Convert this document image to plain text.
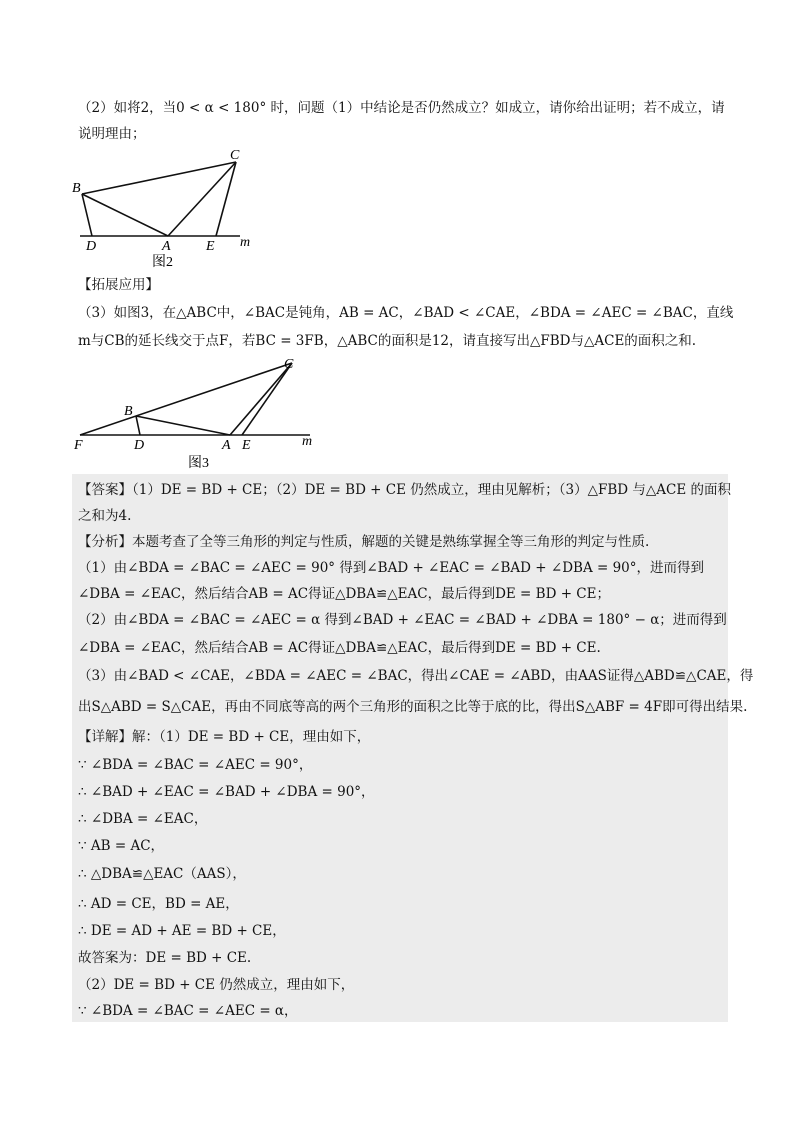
（2）如将2，当0 < α < 180° 时，问题（1）中结论是否仍然成立？如成立，请你给出证明；若不成立，请
说明理由；
C
B
D	A	E m
图2
【拓展应用】
（3）如图3，在△ABC中，∠BAC是钝角，AB = AC，∠BAD < ∠CAE，∠BDA = ∠AEC = ∠BAC，直线
m与CB的延长线交于点F，若BC = 3FB，△ABC的面积是12，请直接写出△FBD与△ACE的面积之和.
C
B
F	D	A E	m
图3
【答案】（1）DE = BD + CE；（2）DE = BD + CE 仍然成立，理由见解析；（3）△FBD 与△ACE 的面积
之和为4.
【分析】本题考查了全等三角形的判定与性质，解题的关键是熟练掌握全等三角形的判定与性质.
（1）由∠BDA = ∠BAC = ∠AEC = 90° 得到∠BAD + ∠EAC = ∠BAD + ∠DBA = 90°，进而得到
∠DBA = ∠EAC，然后结合AB = AC得证△DBA≌△EAC，最后得到DE = BD + CE；
（2）由∠BDA = ∠BAC = ∠AEC = α 得到∠BAD + ∠EAC = ∠BAD + ∠DBA = 180° − α；进而得到
∠DBA = ∠EAC，然后结合AB = AC得证△DBA≌△EAC，最后得到DE = BD + CE.
（3）由∠BAD < ∠CAE，∠BDA = ∠AEC = ∠BAC，得出∠CAE = ∠ABD，由AAS证得△ABD≌△CAE，得
出S△ABD = S△CAE，再由不同底等高的两个三角形的面积之比等于底的比，得出S△ABF = 4F即可得出结果.
【详解】解：（1）DE = BD + CE，理由如下，
∵ ∠BDA = ∠BAC = ∠AEC = 90°，
∴ ∠BAD + ∠EAC = ∠BAD + ∠DBA = 90°，
∴ ∠DBA = ∠EAC，
∵ AB = AC，
∴ △DBA≌△EAC（AAS），
∴ AD = CE，BD = AE，
∴ DE = AD + AE = BD + CE，
故答案为：DE = BD + CE.
（2）DE = BD + CE 仍然成立，理由如下，
∵ ∠BDA = ∠BAC = ∠AEC = α，
